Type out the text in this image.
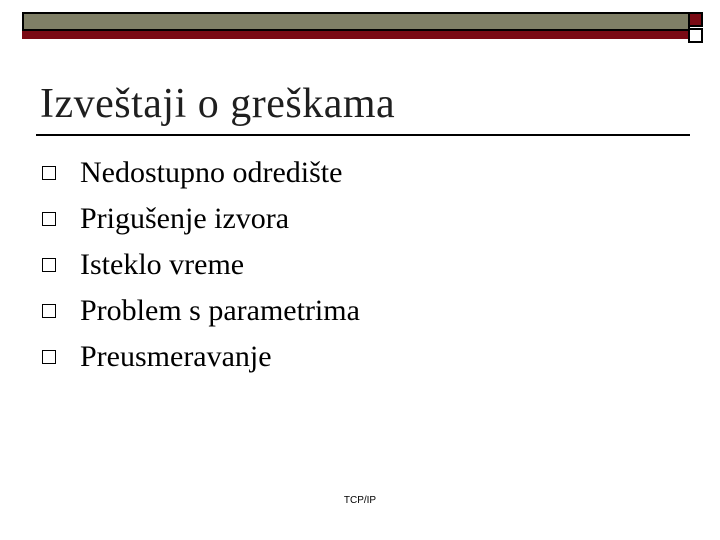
Izveštaji o greškama
Nedostupno odredište
Prigušenje izvora
Isteklo vreme
Problem s parametrima
Preusmeravanje
TCP/IP
